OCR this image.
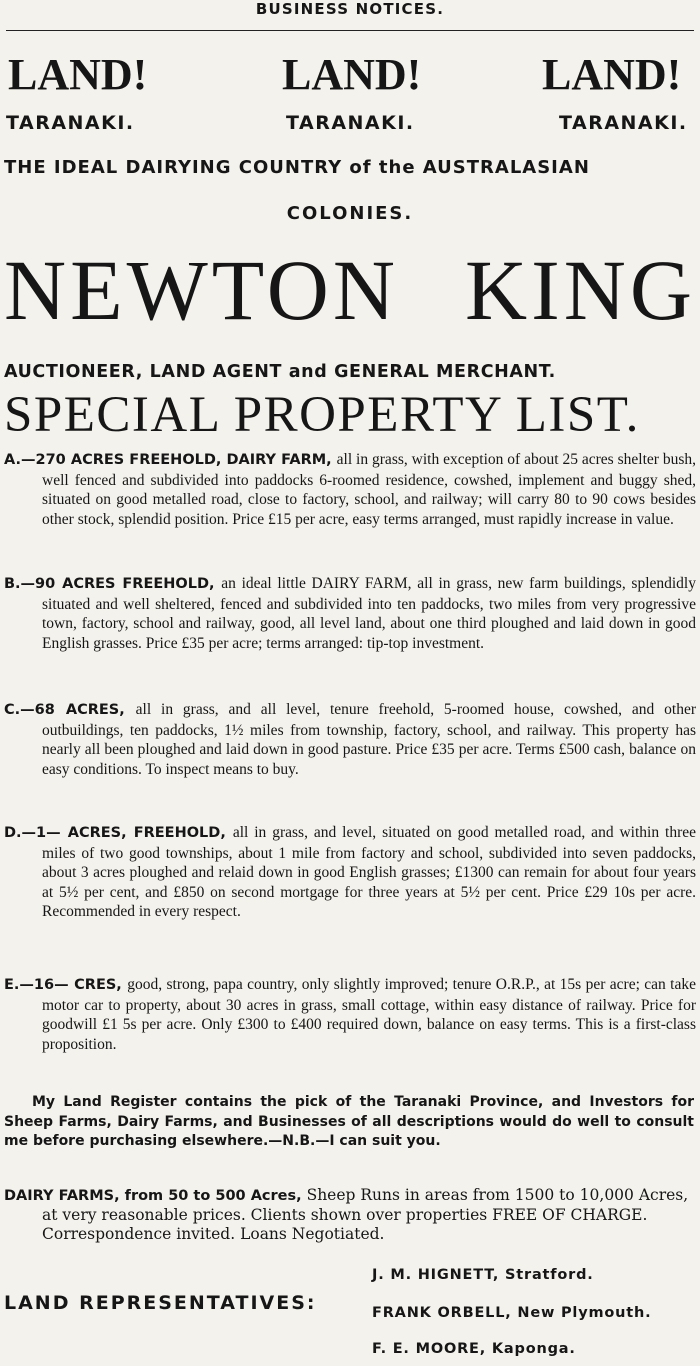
BUSINESS NOTICES.
LAND!	LAND!	LAND!
TARANAKI.	TARANAKI.	TARANAKI.
THE IDEAL DAIRYING COUNTRY of the AUSTRALASIAN
COLONIES.
NEWTON KING
AUCTIONEER, LAND AGENT and GENERAL MERCHANT.
SPECIAL PROPERTY LIST.
A.—270 ACRES FREEHOLD, DAIRY FARM, all in grass, with exception of about 25 acres shelter bush, well fenced and subdivided into paddocks 6-roomed residence, cowshed, implement and buggy shed, situated on good metalled road, close to factory, school, and railway; will carry 80 to 90 cows besides other stock, splendid position. Price £15 per acre, easy terms arranged, must rapidly increase in value.
B.—90 ACRES FREEHOLD, an ideal little DAIRY FARM, all in grass, new farm buildings, splendidly situated and well sheltered, fenced and subdivided into ten paddocks, two miles from very progressive town, factory, school and railway, good, all level land, about one third ploughed and laid down in good English grasses. Price £35 per acre; terms arranged: tip-top investment.
C.—68 ACRES, all in grass, and all level, tenure freehold, 5-roomed house, cowshed, and other outbuildings, ten paddocks, 1½ miles from township, factory, school, and railway. This property has nearly all been ploughed and laid down in good pasture. Price £35 per acre. Terms £500 cash, balance on easy conditions. To inspect means to buy.
D.—1— ACRES, FREEHOLD, all in grass, and level, situated on good metalled road, and within three miles of two good townships, about 1 mile from factory and school, subdivided into seven paddocks, about 3 acres ploughed and relaid down in good English grasses; £1300 can remain for about four years at 5½ per cent, and £850 on second mortgage for three years at 5½ per cent. Price £29 10s per acre. Recommended in every respect.
E.—16— CRES, good, strong, papa country, only slightly improved; tenure O.R.P., at 15s per acre; can take motor car to property, about 30 acres in grass, small cottage, within easy distance of railway. Price for goodwill £1 5s per acre. Only £300 to £400 required down, balance on easy terms. This is a first-class proposition.
My Land Register contains the pick of the Taranaki Province, and Investors for Sheep Farms, Dairy Farms, and Businesses of all descriptions would do well to consult me before purchasing elsewhere.—N.B.—I can suit you.
DAIRY FARMS, from 50 to 500 Acres, Sheep Runs in areas from 1500 to 10,000 Acres, at very reasonable prices. Clients shown over properties FREE OF CHARGE. Correspondence invited. Loans Negotiated.
LAND REPRESENTATIVES:
J. M. HIGNETT, Stratford.
FRANK ORBELL, New Plymouth.
F. E. MOORE, Kaponga.
